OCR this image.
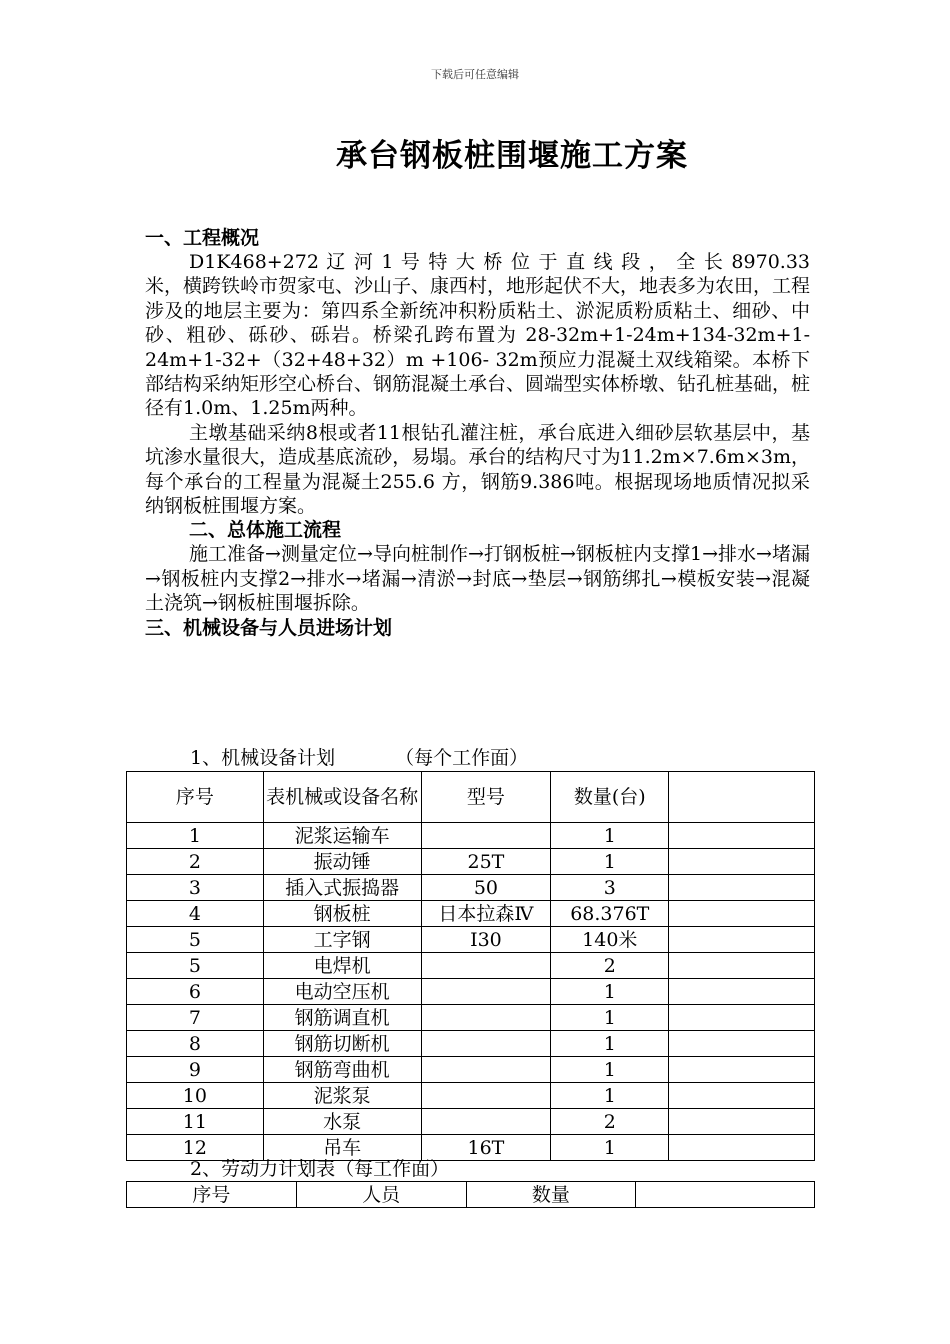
下载后可任意编辑
承台钢板桩围堰施工方案

一、工程概况

D1K468+272 辽 河 1 号 特 大 桥 位 于 直 线 段 ， 全 长 8970.33米，横跨铁岭市贺家屯、沙山子、康西村，地形起伏不大，地表多为农田，工程涉及的地层主要为：第四系全新统冲积粉质粘土、淤泥质粉质粘土、细砂、中砂、粗砂、砾砂、砾岩。桥梁孔跨布置为 28-32m+1-24m+134-32m+1-24m+1-32+（32+48+32）m +106- 32m预应力混凝土双线箱梁。本桥下部结构采纳矩形空心桥台、钢筋混凝土承台、圆端型实体桥墩、钻孔桩基础，桩径有1.0m、1.25m两种。

主墩基础采纳8根或者11根钻孔灌注桩，承台底进入细砂层软基层中，基坑渗水量很大，造成基底流砂，易塌。承台的结构尺寸为11.2m×7.6m×3m，每个承台的工程量为混凝土255.6 方，钢筋9.386吨。根据现场地质情况拟采纳钢板桩围堰方案。

二、总体施工流程

施工准备→测量定位→导向桩制作→打钢板桩→钢板桩内支撑1→排水→堵漏→钢板桩内支撑2→排水→堵漏→清淤→封底→垫层→钢筋绑扎→模板安装→混凝土浇筑→钢板桩围堰拆除。

三、机械设备与人员进场计划

1、机械设备计划	（每个工作面）
序号	表机械或设备名称	型号	数量(台)	
1	泥浆运输车		1	
2	振动锤	25T	1	
3	插入式振捣器	50	3	
4	钢板桩	日本拉森Ⅳ	68.376T	
5	工字钢	I30	140米	
5	电焊机		2	
6	电动空压机		1	
7	钢筋调直机		1	
8	钢筋切断机		1	
9	钢筋弯曲机		1	
10	泥浆泵		1	
11	水泵		2	
12	吊车	16T	1	
2、劳动力计划表（每工作面）
序号	人员	数量	
